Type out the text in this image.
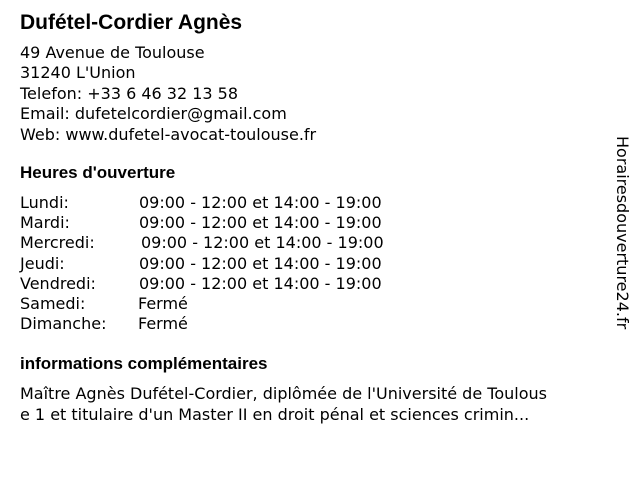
Dufétel-Cordier Agnès
49 Avenue de Toulouse
31240 L'Union
Telefon: +33 6 46 32 13 58
Email: dufetelcordier@gmail.com
Web: www.dufetel-avocat-toulouse.fr
Heures d'ouverture
Lundi:	09:00 - 12:00 et 14:00 - 19:00
Mardi:	09:00 - 12:00 et 14:00 - 19:00
Mercredi:	09:00 - 12:00 et 14:00 - 19:00
Jeudi:	09:00 - 12:00 et 14:00 - 19:00
Vendredi:	09:00 - 12:00 et 14:00 - 19:00
Samedi:	Fermé
Dimanche: Fermé
informations complémentaires
Maître Agnès Dufétel-Cordier, diplômée de l'Université de Toulous
e 1 et titulaire d'un Master II en droit pénal et sciences crimin...
Horairesdouverture24.fr
